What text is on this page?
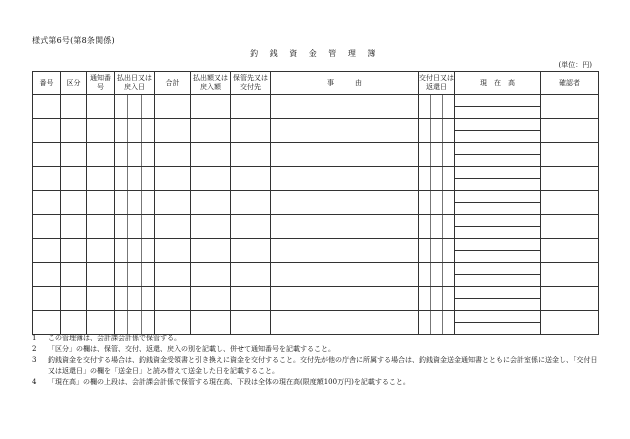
様式第6号(第8条関係)
釣 銭 資 金 管 理 簿
(単位：円)
番号	区分	通知番号	払出日又は戻入日	合計	払出額又は戻入額	保管先又は交付先	事　　　由	交付日又は返還日	現　在　高	確認者

1	この管理簿は、会計課会計係で保管する。
2	「区分」の欄は、保管、交付、返還、戻入の別を記載し、併せて通知番号を記載すること。
3	釣銭資金を交付する場合は、釣銭資金受領書と引き換えに資金を交付すること。交付先が他の庁舎に所属する場合は、釣銭資金送金通知書とともに会計室係に送金し、「交付日又は返還日」の欄を「送金日」と読み替えて送金した日を記載すること。
4	「現在高」の欄の上段は、会計課会計係で保管する現在高、下段は全体の現在高(限度額100万円)を記載すること。
